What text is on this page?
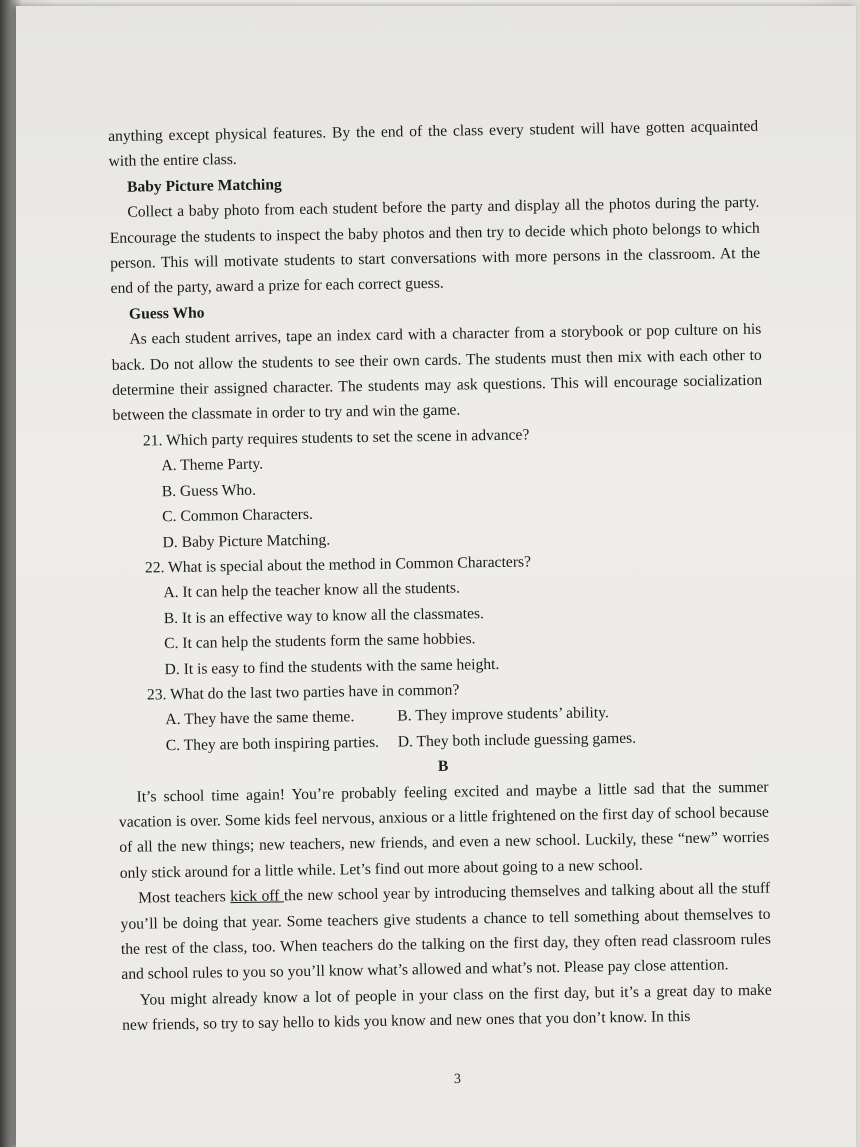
anything except physical features. By the end of the class every student will have gotten acquainted with the entire class.

Baby Picture Matching

Collect a baby photo from each student before the party and display all the photos during the party. Encourage the students to inspect the baby photos and then try to decide which photo belongs to which person. This will motivate students to start conversations with more persons in the classroom. At the end of the party, award a prize for each correct guess.

Guess Who

As each student arrives, tape an index card with a character from a storybook or pop culture on his back. Do not allow the students to see their own cards. The students must then mix with each other to determine their assigned character. The students may ask questions. This will encourage socialization between the classmate in order to try and win the game.

21. Which party requires students to set the scene in advance?

A. Theme Party.

B. Guess Who.

C. Common Characters.

D. Baby Picture Matching.

22. What is special about the method in Common Characters?

A. It can help the teacher know all the students.

B. It is an effective way to know all the classmates.

C. It can help the students form the same hobbies.

D. It is easy to find the students with the same height.

23. What do the last two parties have in common?

A. They have the same theme.	B. They improve students’ ability.
C. They are both inspiring parties.	D. They both include guessing games.

B

It’s school time again! You’re probably feeling excited and maybe a little sad that the summer vacation is over. Some kids feel nervous, anxious or a little frightened on the first day of school because of all the new things; new teachers, new friends, and even a new school. Luckily, these “new” worries only stick around for a little while. Let’s find out more about going to a new school.

Most teachers kick off the new school year by introducing themselves and talking about all the stuff you’ll be doing that year. Some teachers give students a chance to tell something about themselves to the rest of the class, too. When teachers do the talking on the first day, they often read classroom rules and school rules to you so you’ll know what’s allowed and what’s not. Please pay close attention.

You might already know a lot of people in your class on the first day, but it’s a great day to make new friends, so try to say hello to kids you know and new ones that you don’t know. In this

3
